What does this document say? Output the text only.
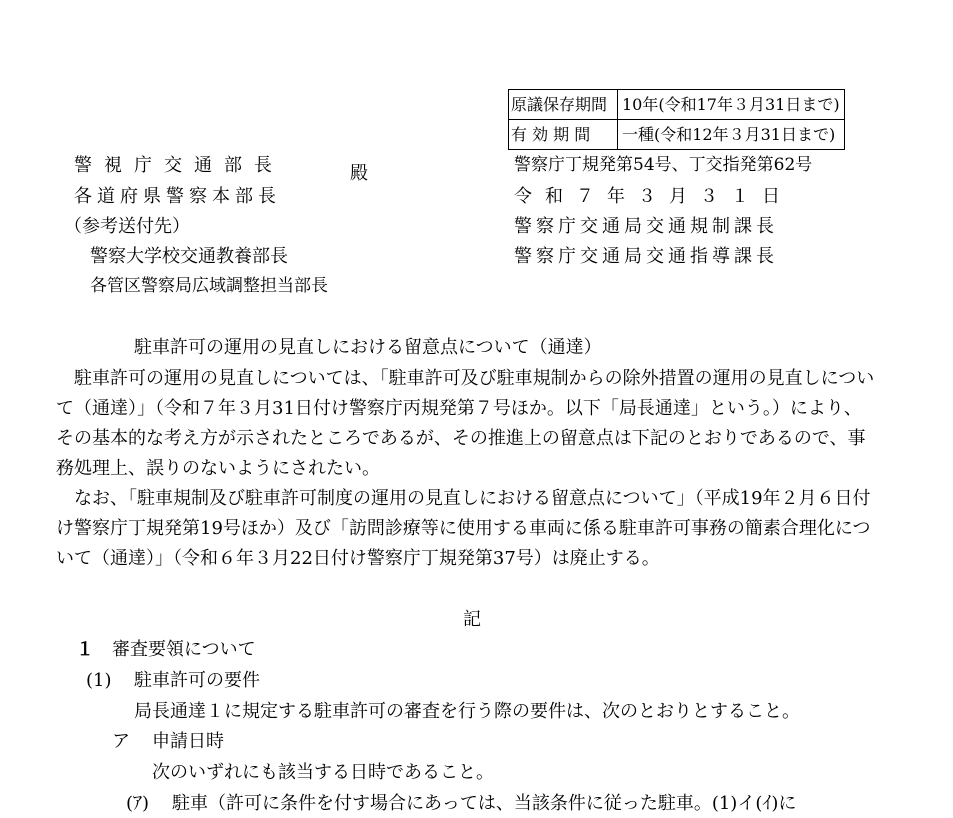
原議保存期間	10年(令和17年３月31日まで)

有 効 期 間	一種(令和12年３月31日まで)
警視庁交通部長
各道府県警察本部長
殿
（参考送付先）
警察大学校交通教養部長
各管区警察局広域調整担当部長
警察庁丁規発第54号、丁交指発第62号
令和７年３月３１日
警察庁交通局交通規制課長
警察庁交通局交通指導課長
駐車許可の運用の見直しにおける留意点について（通達）

駐車許可の運用の見直しについては、「駐車許可及び駐車規制からの除外措置の運用の見直しについて（通達）」（令和７年３月31日付け警察庁丙規発第７号ほか。以下「局長通達」という。）により、その基本的な考え方が示されたところであるが、その推進上の留意点は下記のとおりであるので、事務処理上、誤りのないようにされたい。

なお、「駐車規制及び駐車許可制度の運用の見直しにおける留意点について」（平成19年２月６日付け警察庁丁規発第19号ほか）及び「訪問診療等に使用する車両に係る駐車許可事務の簡素合理化について（通達）」（令和６年３月22日付け警察庁丁規発第37号）は廃止する。

記
１ 審査要領について
(1) 駐車許可の要件
局長通達１に規定する駐車許可の審査を行う際の要件は、次のとおりとすること。
ア 申請日時
次のいずれにも該当する日時であること。
(ｱ) 駐車（許可に条件を付す場合にあっては、当該条件に従った駐車。(1)イ(ｲ)に
